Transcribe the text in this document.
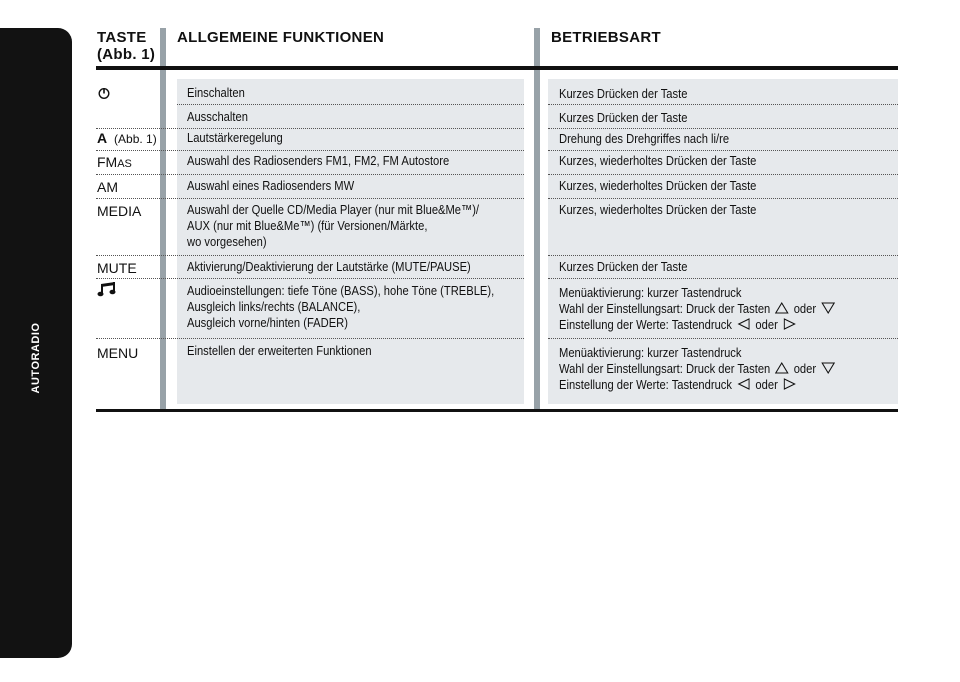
AUTORADIO
252
TASTE
(Abb. 1)
ALLGEMEINE FUNKTIONEN	BETRIEBSART
A (Abb. 1)
FMAS
AM
MEDIA
MUTE
MENU
Einschalten
Ausschalten
Lautstärkeregelung
Auswahl des Radiosenders FM1, FM2, FM Autostore
Auswahl eines Radiosenders MW
Auswahl der Quelle CD/Media Player (nur mit Blue&Me™)/
AUX (nur mit Blue&Me™) (für Versionen/Märkte,
wo vorgesehen)
Aktivierung/Deaktivierung der Lautstärke (MUTE/PAUSE)
Audioeinstellungen: tiefe Töne (BASS), hohe Töne (TREBLE),
Ausgleich links/rechts (BALANCE),
Ausgleich vorne/hinten (FADER)
Einstellen der erweiterten Funktionen
Kurzes Drücken der Taste
Kurzes Drücken der Taste
Drehung des Drehgriffes nach li/re
Kurzes, wiederholtes Drücken der Taste
Kurzes, wiederholtes Drücken der Taste
Kurzes, wiederholtes Drücken der Taste
Kurzes Drücken der Taste
Menüaktivierung: kurzer Tastendruck
Wahl der Einstellungsart: Druck der Tasten oder
Einstellung der Werte: Tastendruck oder
Menüaktivierung: kurzer Tastendruck
Wahl der Einstellungsart: Druck der Tasten oder
Einstellung der Werte: Tastendruck oder
